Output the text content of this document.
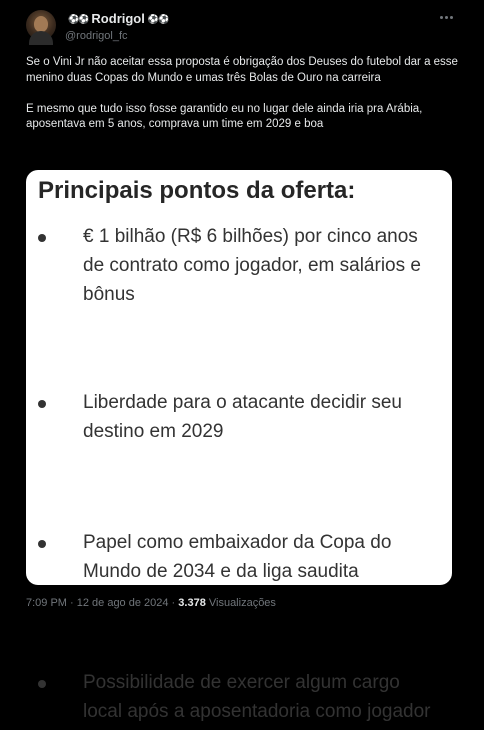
⚽⚽ Rodrigol ⚽⚽
@rodrigol_fc

Se o Vini Jr não aceitar essa proposta é obrigação dos Deuses do futebol dar a esse menino duas Copas do Mundo e umas três Bolas de Ouro na carreira

E mesmo que tudo isso fosse garantido eu no lugar dele ainda iria pra Arábia, aposentava em 5 anos, comprava um time em 2029 e boa

Principais pontos da oferta:
€ 1 bilhão (R$ 6 bilhões) por cinco anos de contrato como jogador, em salários e bônus
Liberdade para o atacante decidir seu destino em 2029
Papel como embaixador da Copa do Mundo de 2034 e da liga saudita
Possibilidade de exercer algum cargo local após a aposentadoria como jogador
7:09 PM · 12 de ago de 2024 · 3.378 Visualizações
